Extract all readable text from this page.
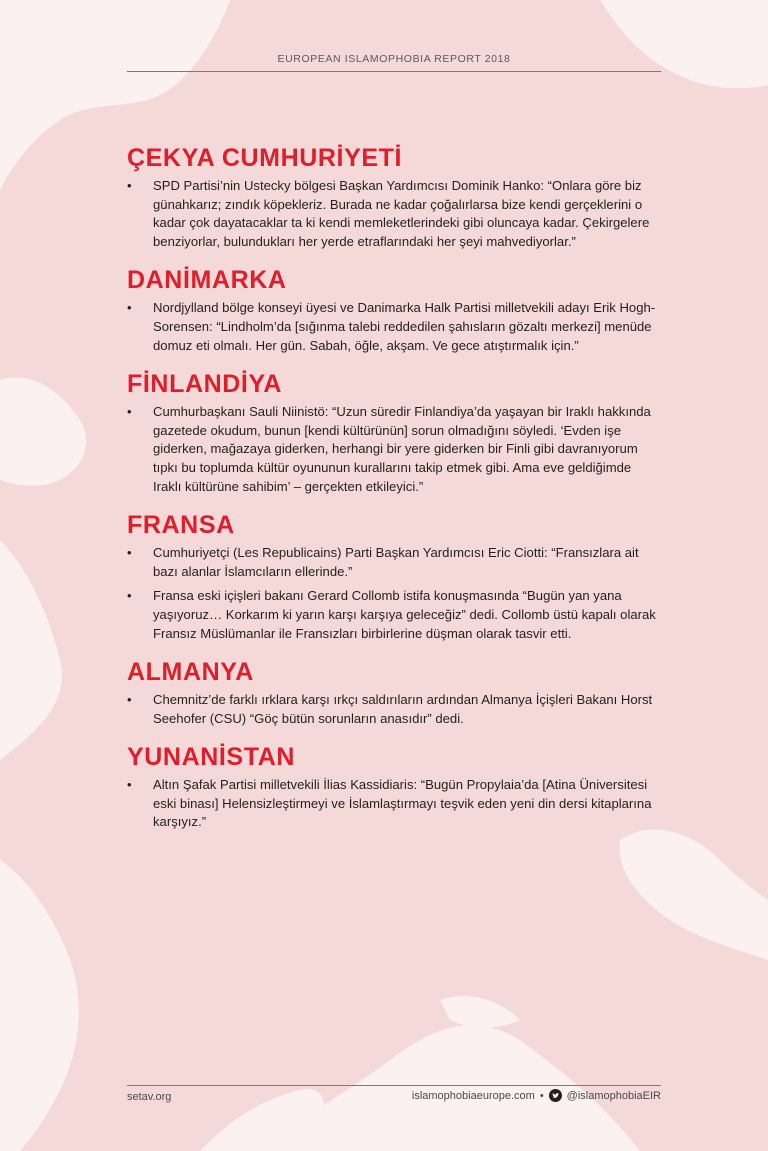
EUROPEAN ISLAMOPHOBIA REPORT 2018
ÇEKYA CUMHURİYETİ
• SPD Partisi’nin Ustecky bölgesi Başkan Yardımcısı Dominik Hanko: “Onlara göre biz günahkarız; zındık köpekleriz. Burada ne kadar çoğalırlarsa bize kendi gerçeklerini o kadar çok dayatacaklar ta ki kendi memleketlerindeki gibi oluncaya kadar. Çekirgelere benziyorlar, bulundukları her yerde etraflarındaki her şeyi mahvediyorlar.”
DANİMARKA
• Nordjylland bölge konseyi üyesi ve Danimarka Halk Partisi milletvekili adayı Erik Hogh-Sorensen: “Lindholm’da [sığınma talebi reddedilen şahısların gözaltı merkezi] menüde domuz eti olmalı. Her gün. Sabah, öğle, akşam. Ve gece atıştırmalık için.”
FİNLANDİYA
• Cumhurbaşkanı Sauli Niinistö: “Uzun süredir Finlandiya’da yaşayan bir Iraklı hakkında gazetede okudum, bunun [kendi kültürünün] sorun olmadığını söyledi. ‘Evden işe giderken, mağazaya giderken, herhangi bir yere giderken bir Finli gibi davranıyorum tıpkı bu toplumda kültür oyununun kurallarını takip etmek gibi. Ama eve geldiğimde Iraklı kültürüne sahibim’ – gerçekten etkileyici.”
FRANSA
• Cumhuriyetçi (Les Republicains) Parti Başkan Yardımcısı Eric Ciotti: “Fransızlara ait bazı alanlar İslamcıların ellerinde.”
• Fransa eski içişleri bakanı Gerard Collomb istifa konuşmasında “Bugün yan yana yaşıyoruz… Korkarım ki yarın karşı karşıya geleceğiz” dedi. Collomb üstü kapalı olarak Fransız Müslümanlar ile Fransızları birbirlerine düşman olarak tasvir etti.
ALMANYA
• Chemnitz’de farklı ırklara karşı ırkçı saldırıların ardından Almanya İçişleri Bakanı Horst Seehofer (CSU) “Göç bütün sorunların anasıdır” dedi.
YUNANİSTAN
• Altın Şafak Partisi milletvekili İlias Kassidiaris: “Bugün Propylaia’da [Atina Üniversitesi eski binası] Helensizleştirmeyi ve İslamlaştırmayı teşvik eden yeni din dersi kitaplarına karşıyız.”
setav.org	islamophobiaeurope.com • @islamophobiaEIR
